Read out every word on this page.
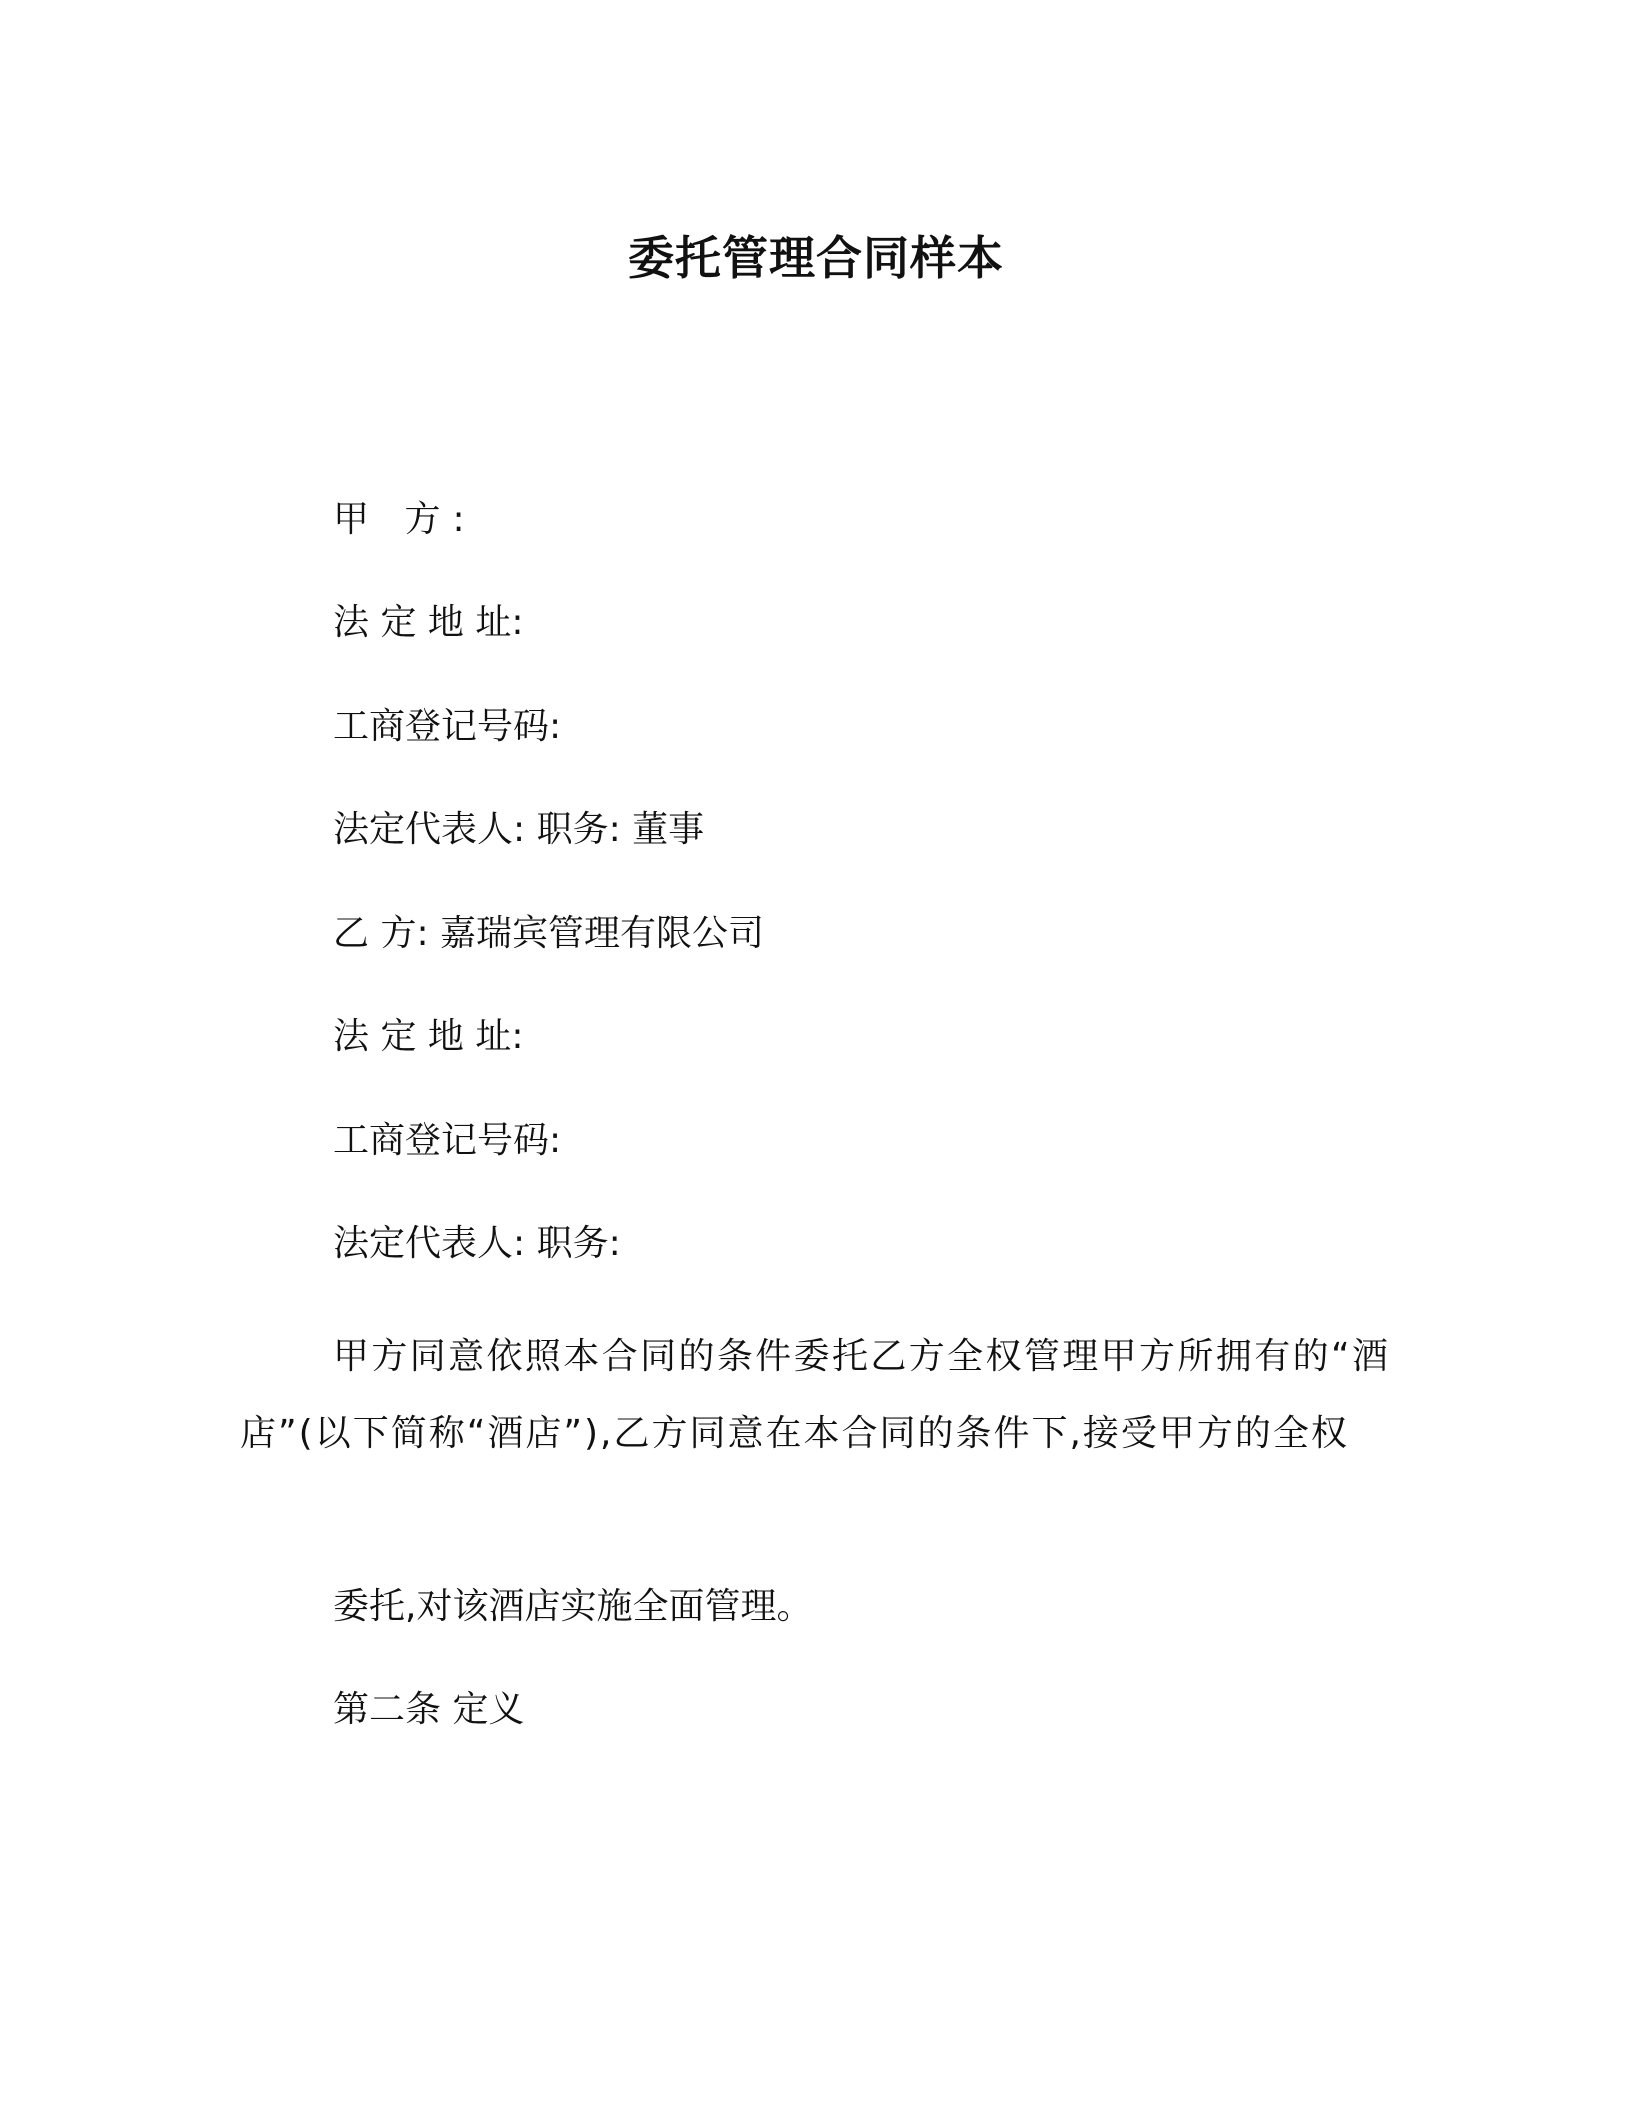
委托管理合同样本
甲 方:
法 定 地 址:
工商登记号码:
法定代表人: 职务: 董事
乙 方: 嘉瑞宾管理有限公司
法 定 地 址:
工商登记号码:
法定代表人: 职务:
甲方同意依照本合同的条件委托乙方全权管理甲方所拥有的“酒店”(以下简称“酒店”),乙方同意在本合同的条件下,接受甲方的全权
委托,对该酒店实施全面管理。
第二条 定义
